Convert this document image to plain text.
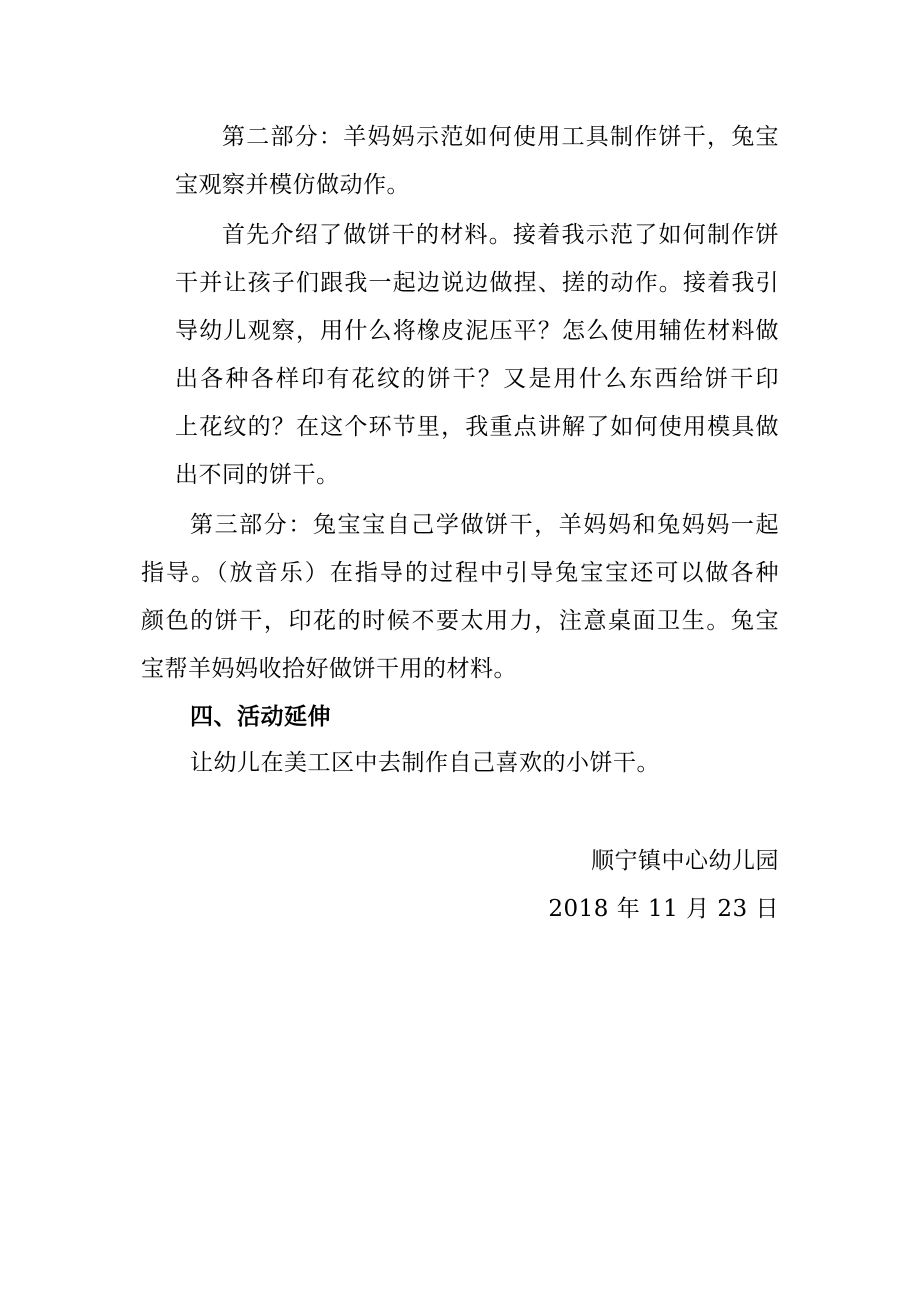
第二部分：羊妈妈示范如何使用工具制作饼干，兔宝
宝观察并模仿做动作。
首先介绍了做饼干的材料。接着我示范了如何制作饼
干并让孩子们跟我一起边说边做捏、搓的动作。接着我引
导幼儿观察，用什么将橡皮泥压平？怎么使用辅佐材料做
出各种各样印有花纹的饼干？又是用什么东西给饼干印
上花纹的？在这个环节里，我重点讲解了如何使用模具做
出不同的饼干。
第三部分：兔宝宝自己学做饼干，羊妈妈和兔妈妈一起
指导。（放音乐）在指导的过程中引导兔宝宝还可以做各种
颜色的饼干，印花的时候不要太用力，注意桌面卫生。兔宝
宝帮羊妈妈收拾好做饼干用的材料。
四、活动延伸
让幼儿在美工区中去制作自己喜欢的小饼干。
顺宁镇中心幼儿园
2018 年 11 月 23 日
